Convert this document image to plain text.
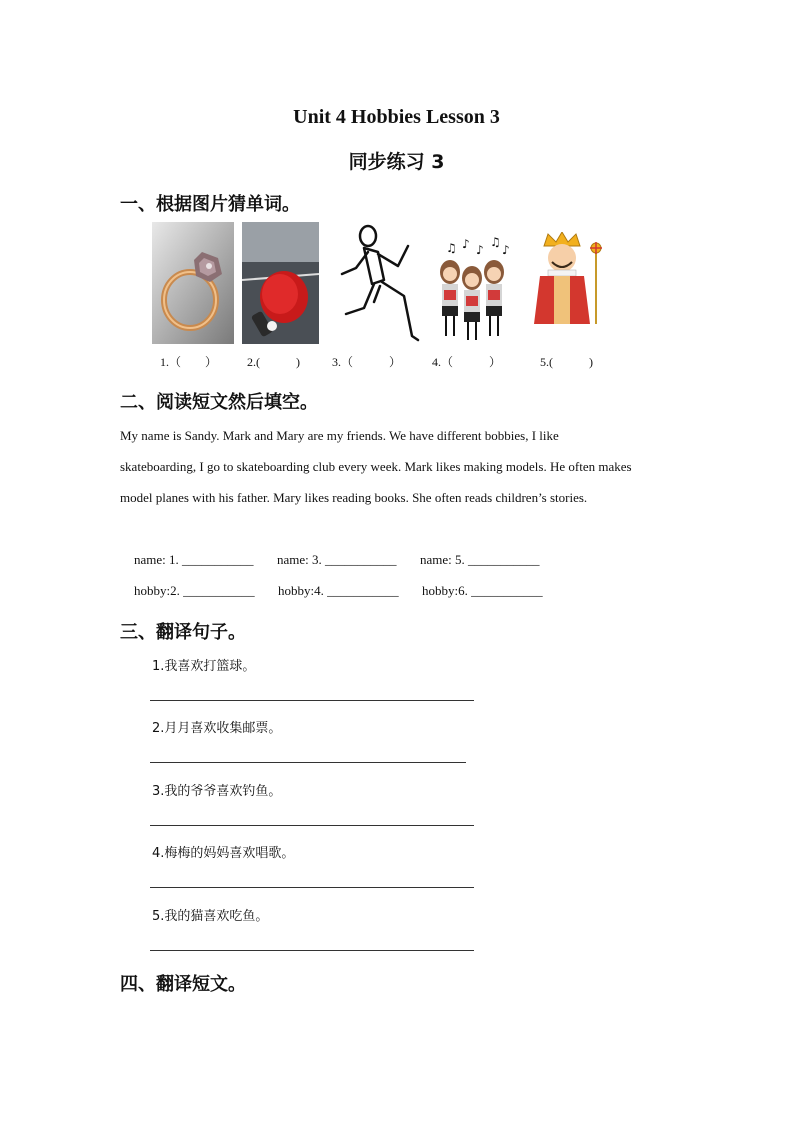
Unit 4 Hobbies Lesson 3
同步练习 3
一、根据图片猜单词。
♫ ♪ ♪
♫
♪
1.（　　） 2.(　　　)	3.（　　　）	4.（　　　）	5.(　　　)
二、阅读短文然后填空。
My name is Sandy. Mark and Mary are my friends. We have different bobbies, I like
skateboarding, I go to skateboarding club every week. Mark likes making models. He often makes
model planes with his father. Mary likes reading books. She often reads children’s stories.
name: 1. ___________ name: 3. ___________ name: 5. ___________
hobby:2. ___________ hobby:4. ___________ hobby:6. ___________
三、翻译句子。
1.我喜欢打篮球。
2.月月喜欢收集邮票。
3.我的爷爷喜欢钓鱼。
4.梅梅的妈妈喜欢唱歌。
5.我的猫喜欢吃鱼。
四、翻译短文。
